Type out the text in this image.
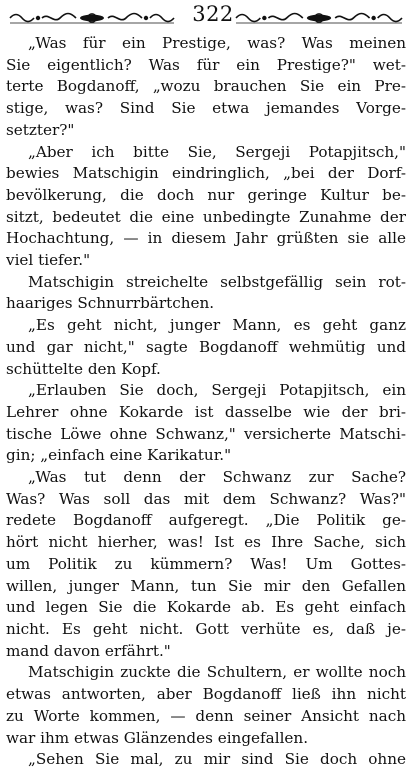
322
„Was für ein Prestige, was? Was meinen
Sie eigentlich? Was für ein Prestige?" wet-
terte Bogdanoff, „wozu brauchen Sie ein Pre-
stige, was? Sind Sie etwa jemandes Vorge-
setzter?"
„Aber ich bitte Sie, Sergeji Potapjitsch,"
bewies Matschigin eindringlich, „bei der Dorf-
bevölkerung, die doch nur geringe Kultur be-
sitzt, bedeutet die eine unbedingte Zunahme der
Hochachtung, — in diesem Jahr grüßten sie alle
viel tiefer."
Matschigin streichelte selbstgefällig sein rot-
haariges Schnurrbärtchen.
„Es geht nicht, junger Mann, es geht ganz
und gar nicht," sagte Bogdanoff wehmütig und
schüttelte den Kopf.
„Erlauben Sie doch, Sergeji Potapjitsch, ein
Lehrer ohne Kokarde ist dasselbe wie der bri-
tische Löwe ohne Schwanz," versicherte Matschi-
gin; „einfach eine Karikatur."
„Was tut denn der Schwanz zur Sache?
Was? Was soll das mit dem Schwanz? Was?"
redete Bogdanoff aufgeregt. „Die Politik ge-
hört nicht hierher, was! Ist es Ihre Sache, sich
um Politik zu kümmern? Was! Um Gottes-
willen, junger Mann, tun Sie mir den Gefallen
und legen Sie die Kokarde ab. Es geht einfach
nicht. Es geht nicht. Gott verhüte es, daß je-
mand davon erfährt."
Matschigin zuckte die Schultern, er wollte noch
etwas antworten, aber Bogdanoff ließ ihn nicht
zu Worte kommen, — denn seiner Ansicht nach
war ihm etwas Glänzendes eingefallen.
„Sehen Sie mal, zu mir sind Sie doch ohne
